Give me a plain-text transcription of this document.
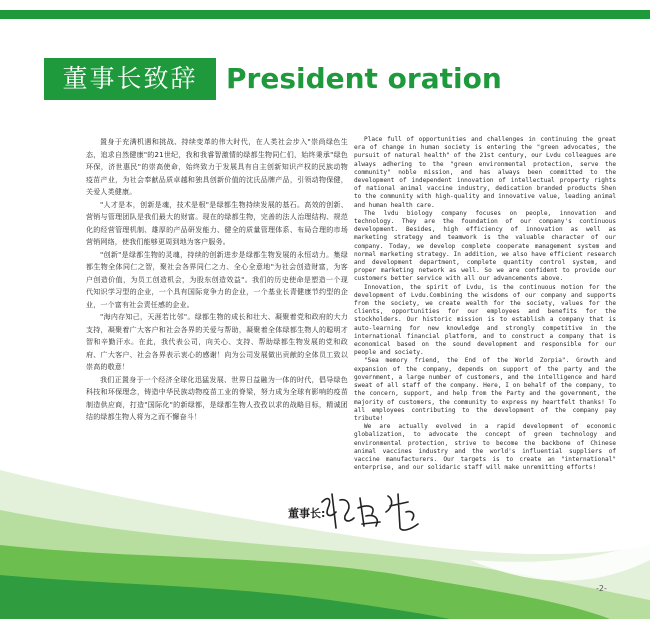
董事长致辞	President oration

置身于充满机遇和挑战、持续变革的伟大时代，在人类社会步入"崇尚绿色生态，追求自然健康"的21世纪，我和我睿智激情的绿都生物同仁们，始终秉承"绿色环保，济世惠民"的崇高使命，始终致力于发展具有自主创新知识产权的民族动物疫苗产业，为社会奉献品质卓越和独具创新价值的沈氏品牌产品，引领动物保健，关爱人类健康。

"人才是本，创新是魂，技术是根"是绿都生物持续发展的基石。高效的创新、营销与管理团队是我们最大的财富。现在的绿都生物，完善的法人治理结构、规范化的经营管理机制、雄厚的产品研发能力、健全的质量管理体系、布局合理的市场营销网络，使我们能够更周到地为客户服务。

"创新"是绿都生物的灵魂，持续的创新进步是绿都生物发展的永恒动力。集绿都生物全体同仁之智，聚社会各界同仁之力、全心全意地"为社会创造财富，为客户创造价值，为员工创造机会，为股东创造效益"。我们的历史使命是塑造一个现代知识学习型的企业，一个具有国际竞争力的企业，一个基业长青健康节约型的企业，一个富有社会责任感的企业。

"海内存知己，天涯若比邻"。绿都生物的成长和壮大、凝聚着党和政府的大力支持，凝聚着广大客户和社会各界的关爱与帮助，凝聚着全体绿都生物人的聪明才智和辛勤汗水。在此，我代表公司，向关心、支持、帮助绿都生物发展的党和政府、广大客户、社会各界表示衷心的感谢！向为公司发展做出贡献的全体员工致以崇高的敬意！

我们正置身于一个经济全球化迅猛发展、世界日益融为一体的时代，倡导绿色科技和环保理念，铸造中华民族动物疫苗工业的脊梁，努力成为全球有影响的疫苗制造供应商，打造"国际化"的新绿都，是绿都生物人孜孜以求的战略目标，精诚团结的绿都生物人将为之而不懈奋斗！

Place full of opportunities and challenges in continuing the great era of change in human society is entering the "green advocates, the pursuit of natural health" of the 21st century, our Lvdu colleagues are always adhering to the "green environmental protection, serve the community" noble mission, and has always been committed to the development of independent innovation of intellectual property rights of national animal vaccine industry, dedication branded products Shen to the community with high-quality and innovative value, leading animal and human health care.

The lvdu biology company focuses on people, innovation and technology. They are the foundation of our company's continuous development. Besides, high efficiency of innovation as well as marketing strategy and teamwork is the valuable character of our company. Today, we develop complete cooperate management system and normal marketing strategy. In addition, we also have efficient research and development department, complete quantity control system, and proper marketing network as well. So we are confident to provide our customers better service with all our advancements above.

Innovation, the spirit of Lvdu, is the continuous motion for the development of Lvdu.Combining the wisdoms of our company and supports from the society, we create wealth for the society, values for the clients, opportunities for our employees and benefits for the stockholders. Our historic mission is to establish a company that is auto-learning for new knowledge and strongly competitive in the international financial platform, and to construct a company that is economical based on the sound development and responsible for our people and society.

"Sea memory friend, the End of the World Zorpia". Growth and expansion of the company, depends on support of the party and the government, a large number of customers, and the intelligence and hard sweat of all staff of the company. Here, I on behalf of the company, to the concern, support, and help from the Party and the government, the majority of customers, the community to express my heartfelt thanks! To all employees contributing to the development of the company pay tribute!

We are actually evolved in a rapid development of economic globalization, to advocate the concept of green technology and environmental protection, strive to become the backbone of Chinese animal vaccines industry and the world's influential suppliers of vaccine manufacturers. Our targets is to create an "international" enterprise, and our solidaric staff will make unremitting efforts!

董事长:
-2-
